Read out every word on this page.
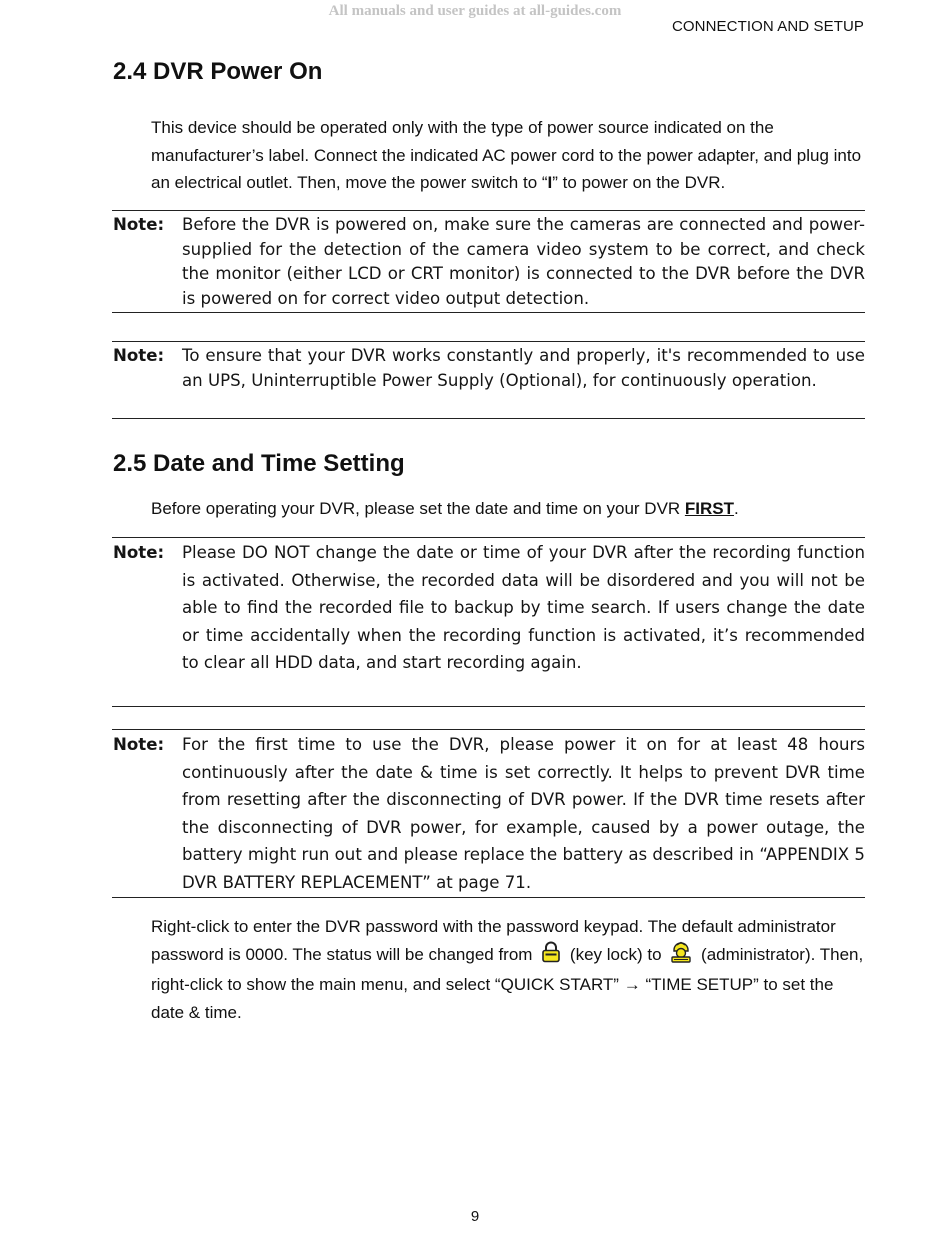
All manuals and user guides at all-guides.com
CONNECTION AND SETUP
2.4 DVR Power On

This device should be operated only with the type of power source indicated on the manufacturer’s label. Connect the indicated AC power cord to the power adapter, and plug into an electrical outlet. Then, move the power switch to “I” to power on the DVR.

Note: Before the DVR is powered on, make sure the cameras are connected and power-supplied for the detection of the camera video system to be correct, and check the monitor (either LCD or CRT monitor) is connected to the DVR before the DVR is powered on for correct video output detection.

Note: To ensure that your DVR works constantly and properly, it's recommended to use an UPS, Uninterruptible Power Supply (Optional), for continuously operation.

2.5 Date and Time Setting

Before operating your DVR, please set the date and time on your DVR FIRST.

Note: Please DO NOT change the date or time of your DVR after the recording function is activated. Otherwise, the recorded data will be disordered and you will not be able to find the recorded file to backup by time search. If users change the date or time accidentally when the recording function is activated, it’s recommended to clear all HDD data, and start recording again.

Note: For the first time to use the DVR, please power it on for at least 48 hours continuously after the date & time is set correctly. It helps to prevent DVR time from resetting after the disconnecting of DVR power. If the DVR time resets after the disconnecting of DVR power, for example, caused by a power outage, the battery might run out and please replace the battery as described in “APPENDIX 5 DVR BATTERY REPLACEMENT” at page 71.

Right-click to enter the DVR password with the password keypad. The default administrator password is 0000. The status will be changed from (key lock) to (administrator). Then, right-click to show the main menu, and select “QUICK START” → “TIME SETUP” to set the date & time.

9
